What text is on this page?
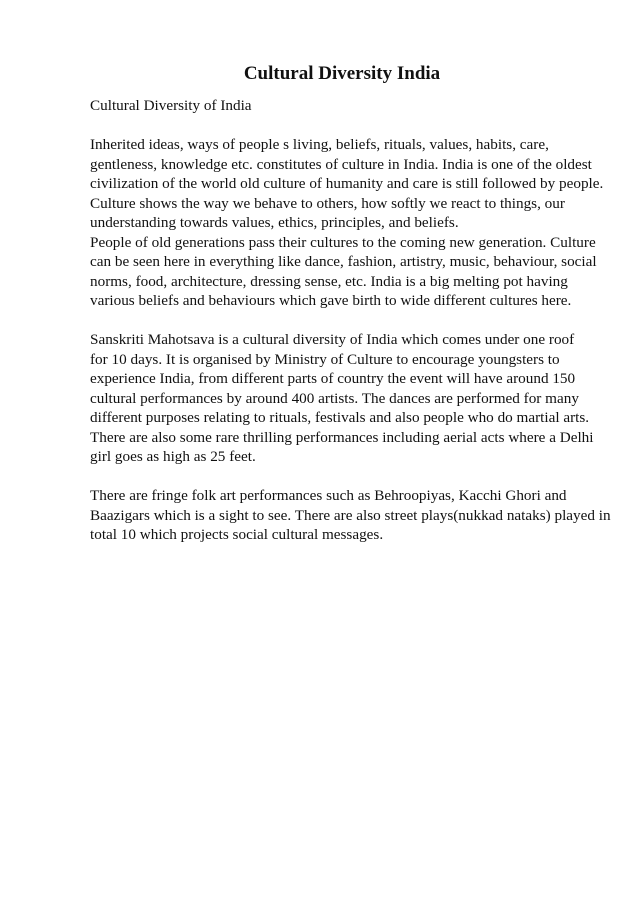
Cultural Diversity India
Cultural Diversity of India
Inherited ideas, ways of people s living, beliefs, rituals, values, habits, care,
gentleness, knowledge etc. constitutes of culture in India. India is one of the oldest
civilization of the world old culture of humanity and care is still followed by people.
Culture shows the way we behave to others, how softly we react to things, our
understanding towards values, ethics, principles, and beliefs.
People of old generations pass their cultures to the coming new generation. Culture
can be seen here in everything like dance, fashion, artistry, music, behaviour, social
norms, food, architecture, dressing sense, etc. India is a big melting pot having
various beliefs and behaviours which gave birth to wide different cultures here.
Sanskriti Mahotsava is a cultural diversity of India which comes under one roof
for 10 days. It is organised by Ministry of Culture to encourage youngsters to
experience India, from different parts of country the event will have around 150
cultural performances by around 400 artists. The dances are performed for many
different purposes relating to rituals, festivals and also people who do martial arts.
There are also some rare thrilling performances including aerial acts where a Delhi
girl goes as high as 25 feet.
There are fringe folk art performances such as Behroopiyas, Kacchi Ghori and
Baazigars which is a sight to see. There are also street plays(nukkad nataks) played in
total 10 which projects social cultural messages.
